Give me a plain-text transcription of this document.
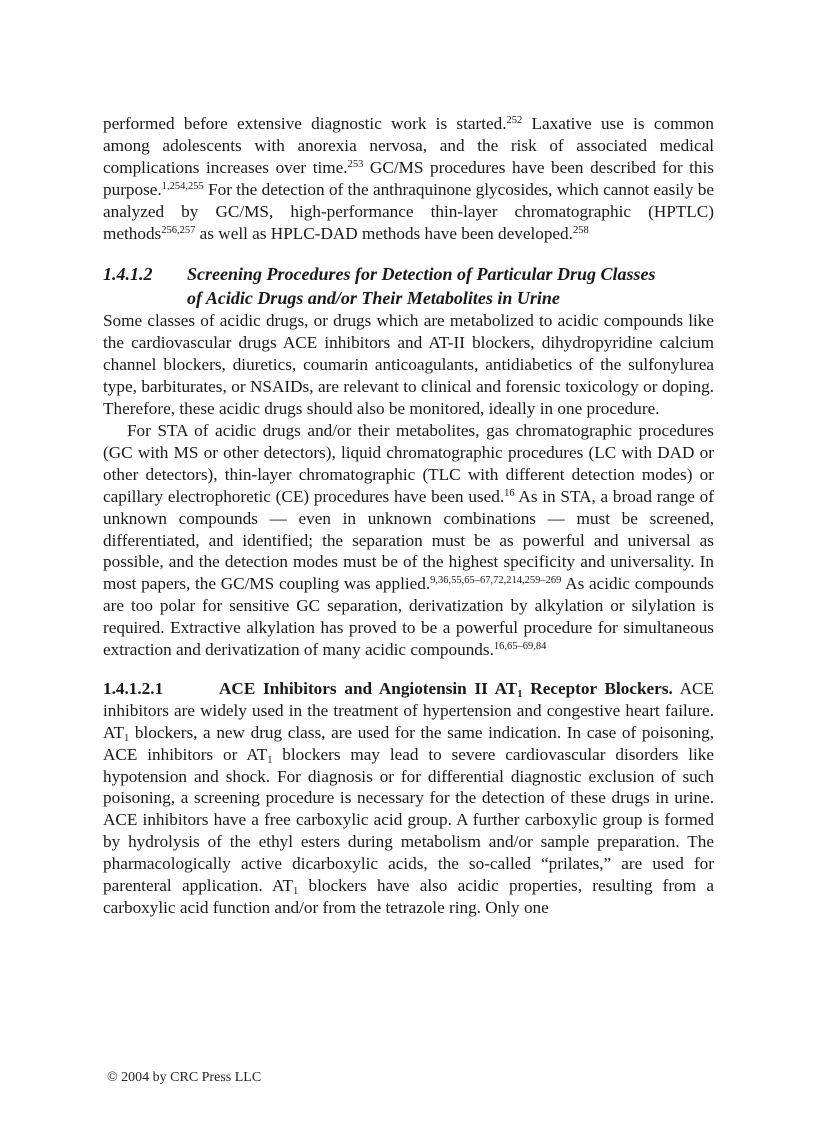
performed before extensive diagnostic work is started.$^{252}$ Laxative use is common among adolescents with anorexia nervosa, and the risk of associated medical complications increases over time.$^{253}$ GC/MS procedures have been described for this purpose.$^{1,254,255}$ For the detection of the anthraquinone glycosides, which cannot easily be analyzed by GC/MS, high-performance thin-layer chromatographic (HPTLC) methods$^{256,257}$ as well as HPLC-DAD methods have been developed.$^{258}$

1.4.1.2	Screening Procedures for Detection of Particular Drug Classes of Acidic Drugs and/or Their Metabolites in Urine

Some classes of acidic drugs, or drugs which are metabolized to acidic compounds like the cardiovascular drugs ACE inhibitors and AT-II blockers, dihydropyridine calcium channel blockers, diuretics, coumarin anticoagulants, antidiabetics of the sulfonylurea type, barbiturates, or NSAIDs, are relevant to clinical and forensic toxicology or doping. Therefore, these acidic drugs should also be monitored, ideally in one procedure.

For STA of acidic drugs and/or their metabolites, gas chromatographic procedures (GC with MS or other detectors), liquid chromatographic procedures (LC with DAD or other detectors), thin-layer chromatographic (TLC with different detection modes) or capillary electrophoretic (CE) procedures have been used.$^{16}$ As in STA, a broad range of unknown compounds — even in unknown combinations — must be screened, differentiated, and identified; the separation must be as powerful and universal as possible, and the detection modes must be of the highest specificity and universality. In most papers, the GC/MS coupling was applied.$^{9,36,55,65-67,72,214,259-269}$ As acidic compounds are too polar for sensitive GC separation, derivatization by alkylation or silylation is required. Extractive alkylation has proved to be a powerful procedure for simultaneous extraction and derivatization of many acidic compounds.$^{16,65-69,84}$

1.4.1.2.1	ACE Inhibitors and Angiotensin II $AT_1$ Receptor Blockers. ACE inhibitors are widely used in the treatment of hypertension and congestive heart failure. $AT_1$ blockers, a new drug class, are used for the same indication. In case of poisoning, ACE inhibitors or $AT_1$ blockers may lead to severe cardiovascular disorders like hypotension and shock. For diagnosis or for differential diagnostic exclusion of such poisoning, a screening procedure is necessary for the detection of these drugs in urine. ACE inhibitors have a free carboxylic acid group. A further carboxylic group is formed by hydrolysis of the ethyl esters during metabolism and/or sample preparation. The pharmacologically active dicarboxylic acids, the so-called “prilates,” are used for parenteral application. $AT_1$ blockers have also acidic properties, resulting from a carboxylic acid function and/or from the tetrazole ring. Only one

© 2004 by CRC Press LLC
